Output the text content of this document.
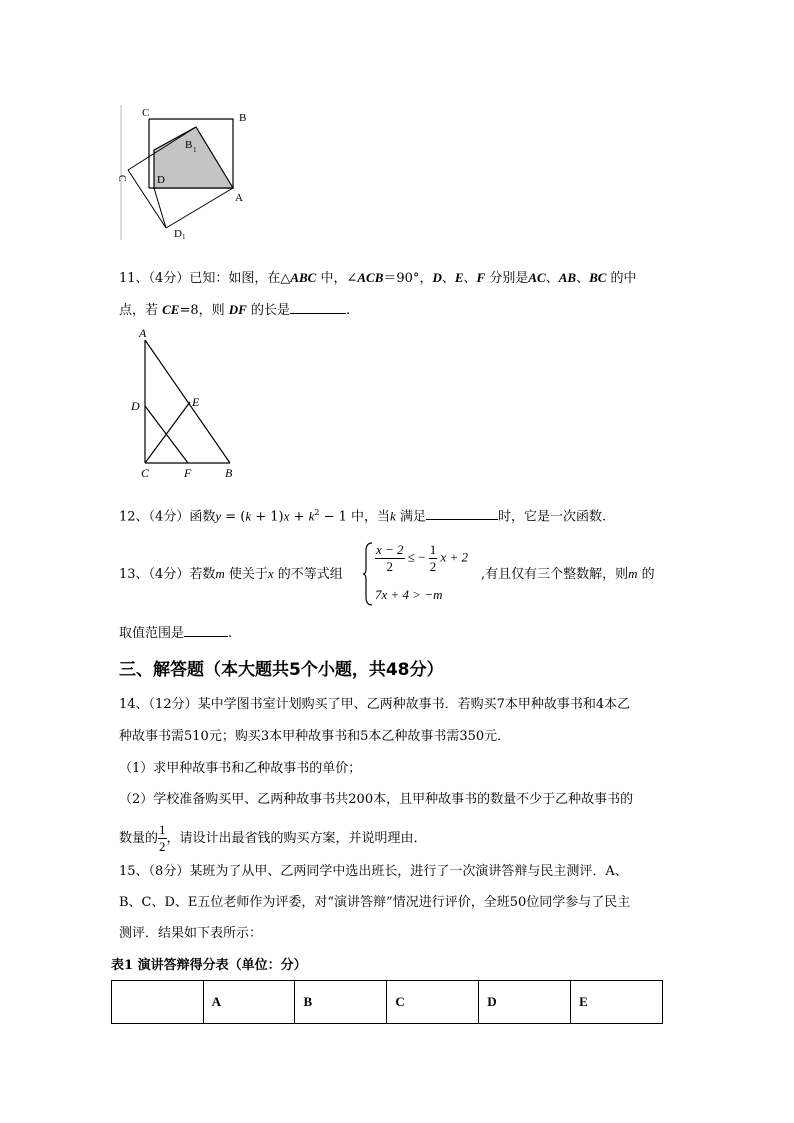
C	B
B 1
D
A
C
D 1
11、（4分）已知：如图，在△ABC 中，∠ACB＝90°，D、E、F 分别是AC、AB、BC 的中
点，若 CE=8，则 DF 的长是	.
A
D	E
C	F	B
12、（4分）函数$y = (k + 1)x + k^2 - 1$ 中，当k 满足	时，它是一次函数.
13、（4分）若数m 使关于x 的不等式组 $\frac{x - 2}{2}$ ≤ − $\frac{1}{2}$ x + 2
7x + 4 > −m
,有且仅有三个整数解，则m 的
取值范围是	.
三、解答题（本大题共5个小题，共48分）
14、（12分）某中学图书室计划购买了甲、乙两种故事书．若购买7本甲种故事书和4本乙
种故事书需510元；购买3本甲种故事书和5本乙种故事书需350元．
（1）求甲种故事书和乙种故事书的单价；
（2）学校准备购买甲、乙两种故事书共200本，且甲种故事书的数量不少于乙种故事书的
数量的 $\frac{1}{2}$ ，请设计出最省钱的购买方案，并说明理由．
15、（8分）某班为了从甲、乙两同学中选出班长，进行了一次演讲答辩与民主测评．A、
B、C、D、E五位老师作为评委，对“演讲答辩”情况进行评价，全班50位同学参与了民主
测评．结果如下表所示：
表1 演讲答辩得分表（单位：分）
	A	B	C	D	E
